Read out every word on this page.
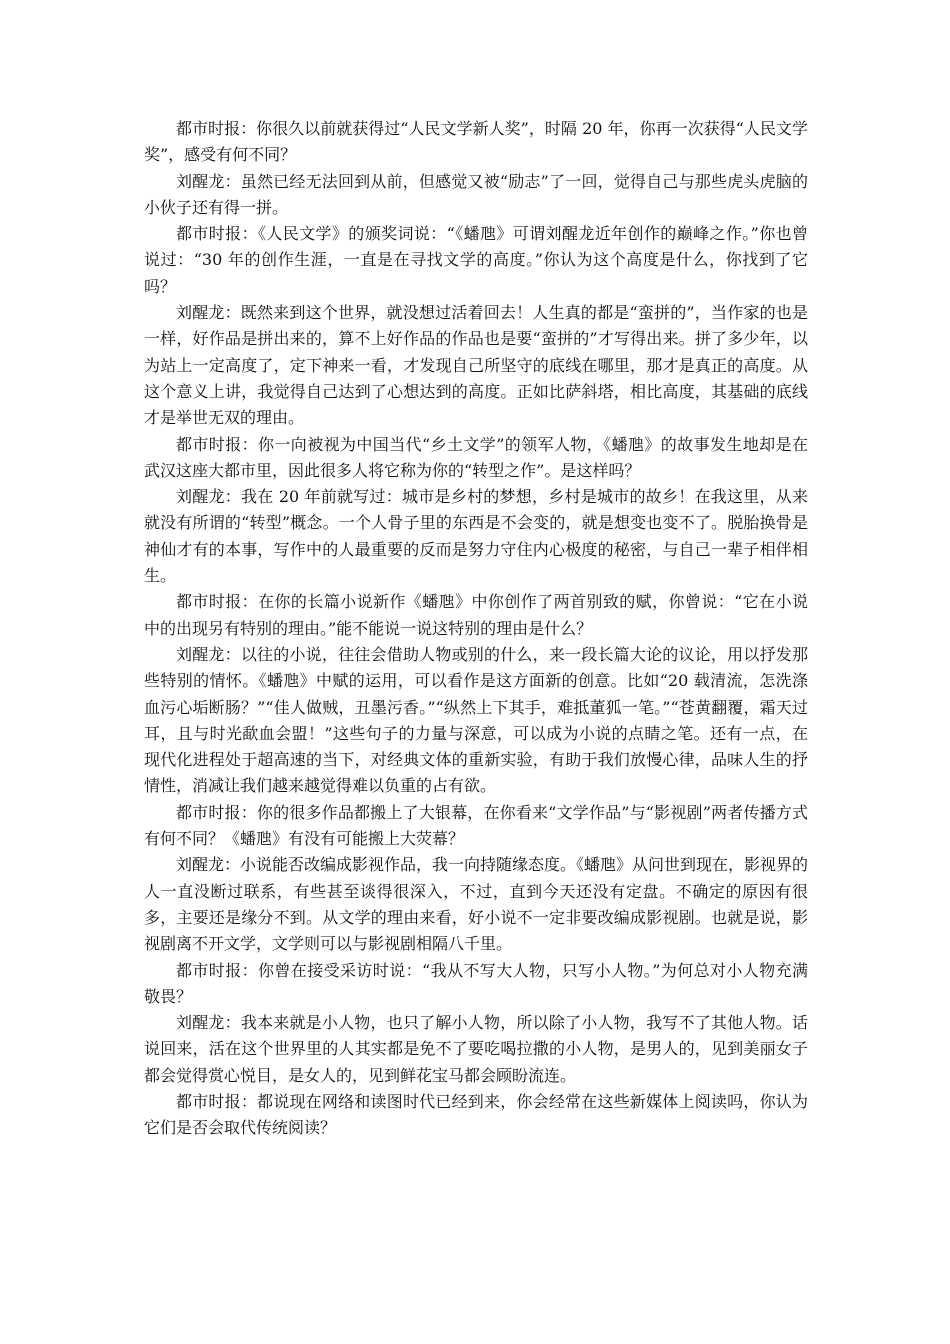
都市时报：你很久以前就获得过“人民文学新人奖”，时隔 20 年，你再一次获得“人民文学奖”，感受有何不同？

刘醒龙：虽然已经无法回到从前，但感觉又被“励志”了一回，觉得自己与那些虎头虎脑的小伙子还有得一拼。

都市时报：《人民文学》的颁奖词说：“《蟠虺》可谓刘醒龙近年创作的巅峰之作。”你也曾说过：“30 年的创作生涯，一直是在寻找文学的高度。”你认为这个高度是什么，你找到了它吗？

刘醒龙：既然来到这个世界，就没想过活着回去！人生真的都是“蛮拼的”，当作家的也是一样，好作品是拼出来的，算不上好作品的作品也是要“蛮拼的”才写得出来。拼了多少年，以为站上一定高度了，定下神来一看，才发现自己所坚守的底线在哪里，那才是真正的高度。从这个意义上讲，我觉得自己达到了心想达到的高度。正如比萨斜塔，相比高度，其基础的底线才是举世无双的理由。

都市时报：你一向被视为中国当代“乡土文学”的领军人物，《蟠虺》的故事发生地却是在武汉这座大都市里，因此很多人将它称为你的“转型之作”。是这样吗？

刘醒龙：我在 20 年前就写过：城市是乡村的梦想，乡村是城市的故乡！在我这里，从来就没有所谓的“转型”概念。一个人骨子里的东西是不会变的，就是想变也变不了。脱胎换骨是神仙才有的本事，写作中的人最重要的反而是努力守住内心极度的秘密，与自己一辈子相伴相生。

都市时报：在你的长篇小说新作《蟠虺》中你创作了两首别致的赋，你曾说：“它在小说中的出现另有特别的理由。”能不能说一说这特别的理由是什么？

刘醒龙：以往的小说，往往会借助人物或别的什么，来一段长篇大论的议论，用以抒发那些特别的情怀。《蟠虺》中赋的运用，可以看作是这方面新的创意。比如“20 载清流，怎洗涤血污心垢断肠？”“佳人做贼，丑墨污香。”“纵然上下其手，难抵董狐一笔。”“苍黄翻覆，霜天过耳，且与时光歃血会盟！”这些句子的力量与深意，可以成为小说的点睛之笔。还有一点，在现代化进程处于超高速的当下，对经典文体的重新实验，有助于我们放慢心律，品味人生的抒情性，消减让我们越来越觉得难以负重的占有欲。

都市时报：你的很多作品都搬上了大银幕，在你看来“文学作品”与“影视剧”两者传播方式有何不同？《蟠虺》有没有可能搬上大荧幕？

刘醒龙：小说能否改编成影视作品，我一向持随缘态度。《蟠虺》从问世到现在，影视界的人一直没断过联系，有些甚至谈得很深入，不过，直到今天还没有定盘。不确定的原因有很多，主要还是缘分不到。从文学的理由来看，好小说不一定非要改编成影视剧。也就是说，影视剧离不开文学，文学则可以与影视剧相隔八千里。

都市时报：你曾在接受采访时说：“我从不写大人物，只写小人物。”为何总对小人物充满敬畏？

刘醒龙：我本来就是小人物，也只了解小人物，所以除了小人物，我写不了其他人物。话说回来，活在这个世界里的人其实都是免不了要吃喝拉撒的小人物，是男人的，见到美丽女子都会觉得赏心悦目，是女人的，见到鲜花宝马都会顾盼流连。

都市时报：都说现在网络和读图时代已经到来，你会经常在这些新媒体上阅读吗，你认为它们是否会取代传统阅读？
